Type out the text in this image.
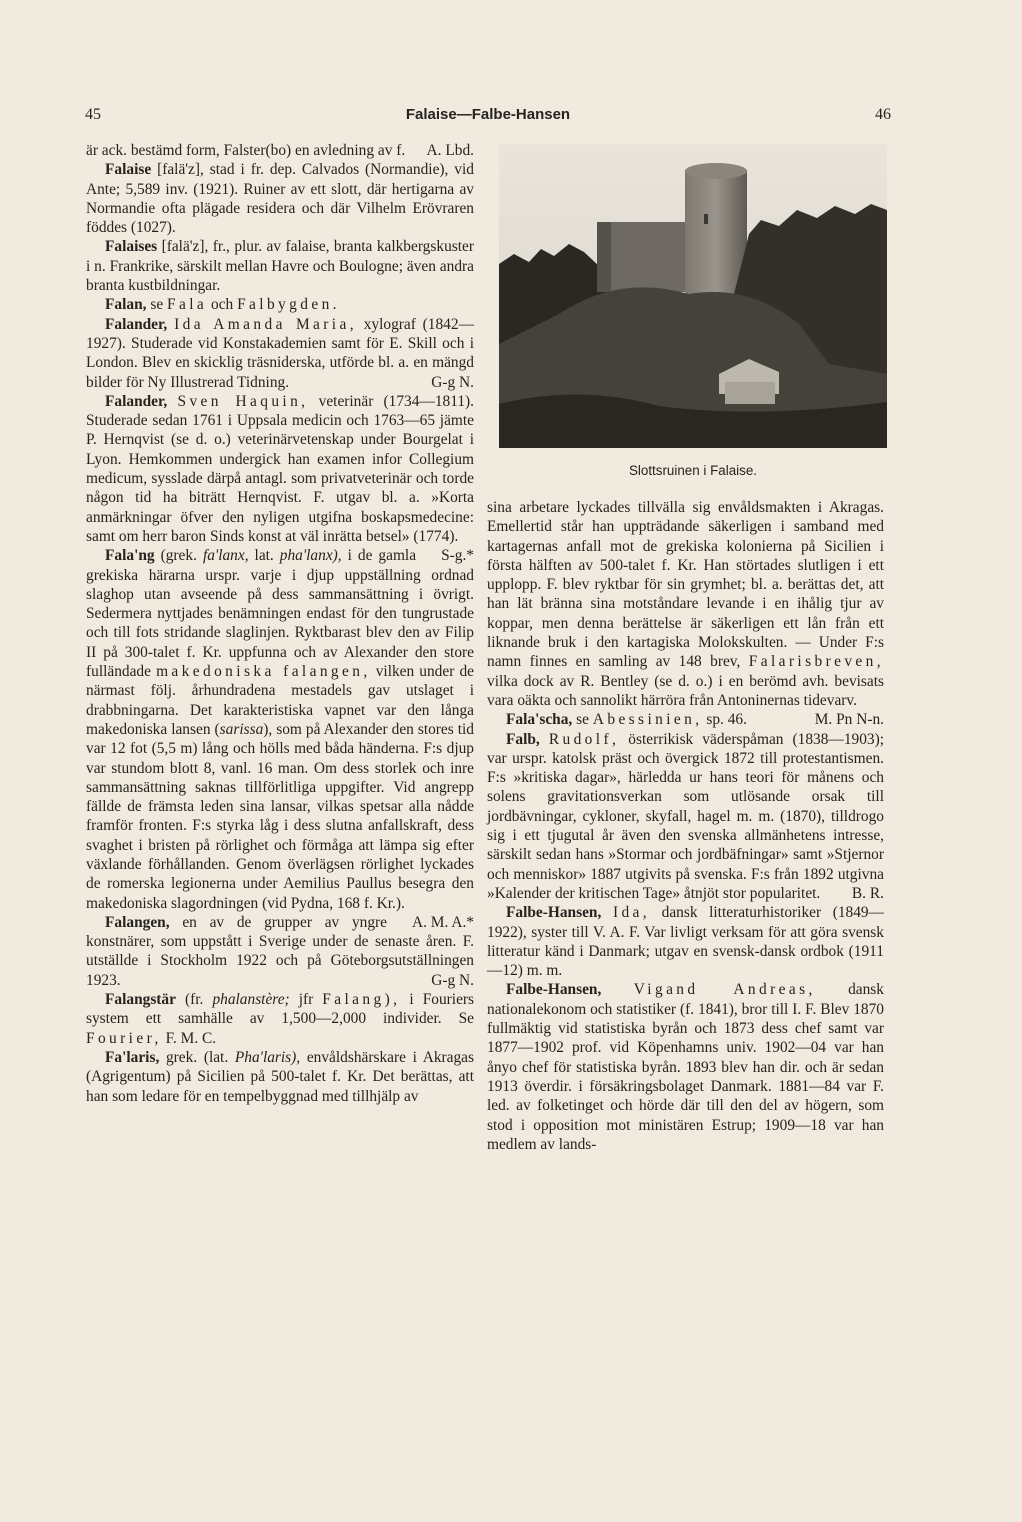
45	Falaise—Falbe-Hansen	46

är ack. bestämd form, Falster(bo) en avledning av f. A. Lbd.

Falaise [falä'z], stad i fr. dep. Calvados (Normandie), vid Ante; 5,589 inv. (1921). Ruiner av ett slott, där hertigarna av Normandie ofta plägade residera och där Vilhelm Erövraren föddes (1027).

Falaises [falä'z], fr., plur. av falaise, branta kalkbergskuster i n. Frankrike, särskilt mellan Havre och Boulogne; även andra branta kustbildningar.

Falan, se Fala och Falbygden.

Falander, Ida Amanda Maria, xylograf (1842—1927). Studerade vid Konstakademien samt för E. Skill och i London. Blev en skicklig träsniderska, utförde bl. a. en mängd bilder för Ny Illustrerad Tidning.	G-g N.

Falander, Sven Haquin, veterinär (1734—1811). Studerade sedan 1761 i Uppsala medicin och 1763—65 jämte P. Hernqvist (se d. o.) veterinärvetenskap under Bourgelat i Lyon. Hemkommen undergick han examen infor Collegium medicum, sysslade därpå antagl. som privatveterinär och torde någon tid ha biträtt Hernqvist. F. utgav bl. a. »Korta anmärkningar öfver den nyligen utgifna boskapsmedecine: samt om herr baron Sinds konst at väl inrätta betsel» (1774).
S-g.*

Fala'ng (grek. fa'lanx, lat. pha'lanx), i de gamla grekiska härarna urspr. varje i djup uppställning ordnad slaghop utan avseende på dess sammansättning i övrigt. Sedermera nyttjades benämningen endast för den tungrustade och till fots stridande slaglinjen. Ryktbarast blev den av Filip II på 300-talet f. Kr. uppfunna och av Alexander den store fulländade makedoniska falangen, vilken under de närmast följ. århundradena mestadels gav utslaget i drabbningarna. Det karakteristiska vapnet var den långa makedoniska lansen (sarissa), som på Alexander den stores tid var 12 fot (5,5 m) lång och hölls med båda händerna. F:s djup var stundom blott 8, vanl. 16 man. Om dess storlek och inre sammansättning saknas tillförlitliga uppgifter. Vid angrepp fällde de främsta leden sina lansar, vilkas spetsar alla nådde framför fronten. F:s styrka låg i dess slutna anfallskraft, dess svaghet i bristen på rörlighet och förmåga att lämpa sig efter växlande förhållanden. Genom överlägsen rörlighet lyckades de romerska legionerna under Aemilius Paullus besegra den makedoniska slagordningen (vid Pydna, 168 f. Kr.).
A. M. A.*

Falangen, en av de grupper av yngre konstnärer, som uppstått i Sverige under de senaste åren. F. utställde i Stockholm 1922 och på Göteborgsutställningen 1923.	G-g N.

Falangstär (fr. phalanstère; jfr Falang), i Fouriers system ett samhälle av 1,500—2,000 individer. Se Fourier, F. M. C.

Fa'laris, grek. (lat. Pha'laris), envåldshärskare i Akragas (Agrigentum) på Sicilien på 500-talet f. Kr. Det berättas, att han som ledare för en tempelbyggnad med tillhjälp av

Slottsruinen i Falaise.

sina arbetare lyckades tillvälla sig envåldsmakten i Akragas. Emellertid står han uppträdande säkerligen i samband med kartagernas anfall mot de grekiska kolonierna på Sicilien i första hälften av 500-talet f. Kr. Han störtades slutligen i ett upplopp. F. blev ryktbar för sin grymhet; bl. a. berättas det, att han lät bränna sina motståndare levande i en ihålig tjur av koppar, men denna berättelse är säkerligen ett lån från ett liknande bruk i den kartagiska Molokskulten. — Under F:s namn finnes en samling av 148 brev, Falarisbreven, vilka dock av R. Bentley (se d. o.) i en berömd avh. bevisats vara oäkta och sannolikt härröra från Antoninernas tidevarv.
M. Pn N-n.

Fala'scha, se Abessinien, sp. 46.

Falb, Rudolf, österrikisk väderspåman (1838—1903); var urspr. katolsk präst och övergick 1872 till protestantismen. F:s »kritiska dagar», härledda ur hans teori för månens och solens gravitationsverkan som utlösande orsak till jordbävningar, cykloner, skyfall, hagel m. m. (1870), tilldrogo sig i ett tjugutal år även den svenska allmänhetens intresse, särskilt sedan hans »Stormar och jordbäfningar» samt »Stjernor och menniskor» 1887 utgivits på svenska. F:s från 1892 utgivna »Kalender der kritischen Tage» åtnjöt stor popularitet.	B. R.

Falbe-Hansen, Ida, dansk litteraturhistoriker (1849—1922), syster till V. A. F. Var livligt verksam för att göra svensk litteratur känd i Danmark; utgav en svensk-dansk ordbok (1911—12) m. m.

Falbe-Hansen, Vigand Andreas, dansk nationalekonom och statistiker (f. 1841), bror till I. F. Blev 1870 fullmäktig vid statistiska byrån och 1873 dess chef samt var 1877—1902 prof. vid Köpenhamns univ. 1902—04 var han ånyo chef för statistiska byrån. 1893 blev han dir. och är sedan 1913 överdir. i försäkringsbolaget Danmark. 1881—84 var F. led. av folketinget och hörde där till den del av högern, som stod i opposition mot ministären Estrup; 1909—18 var han medlem av lands-
